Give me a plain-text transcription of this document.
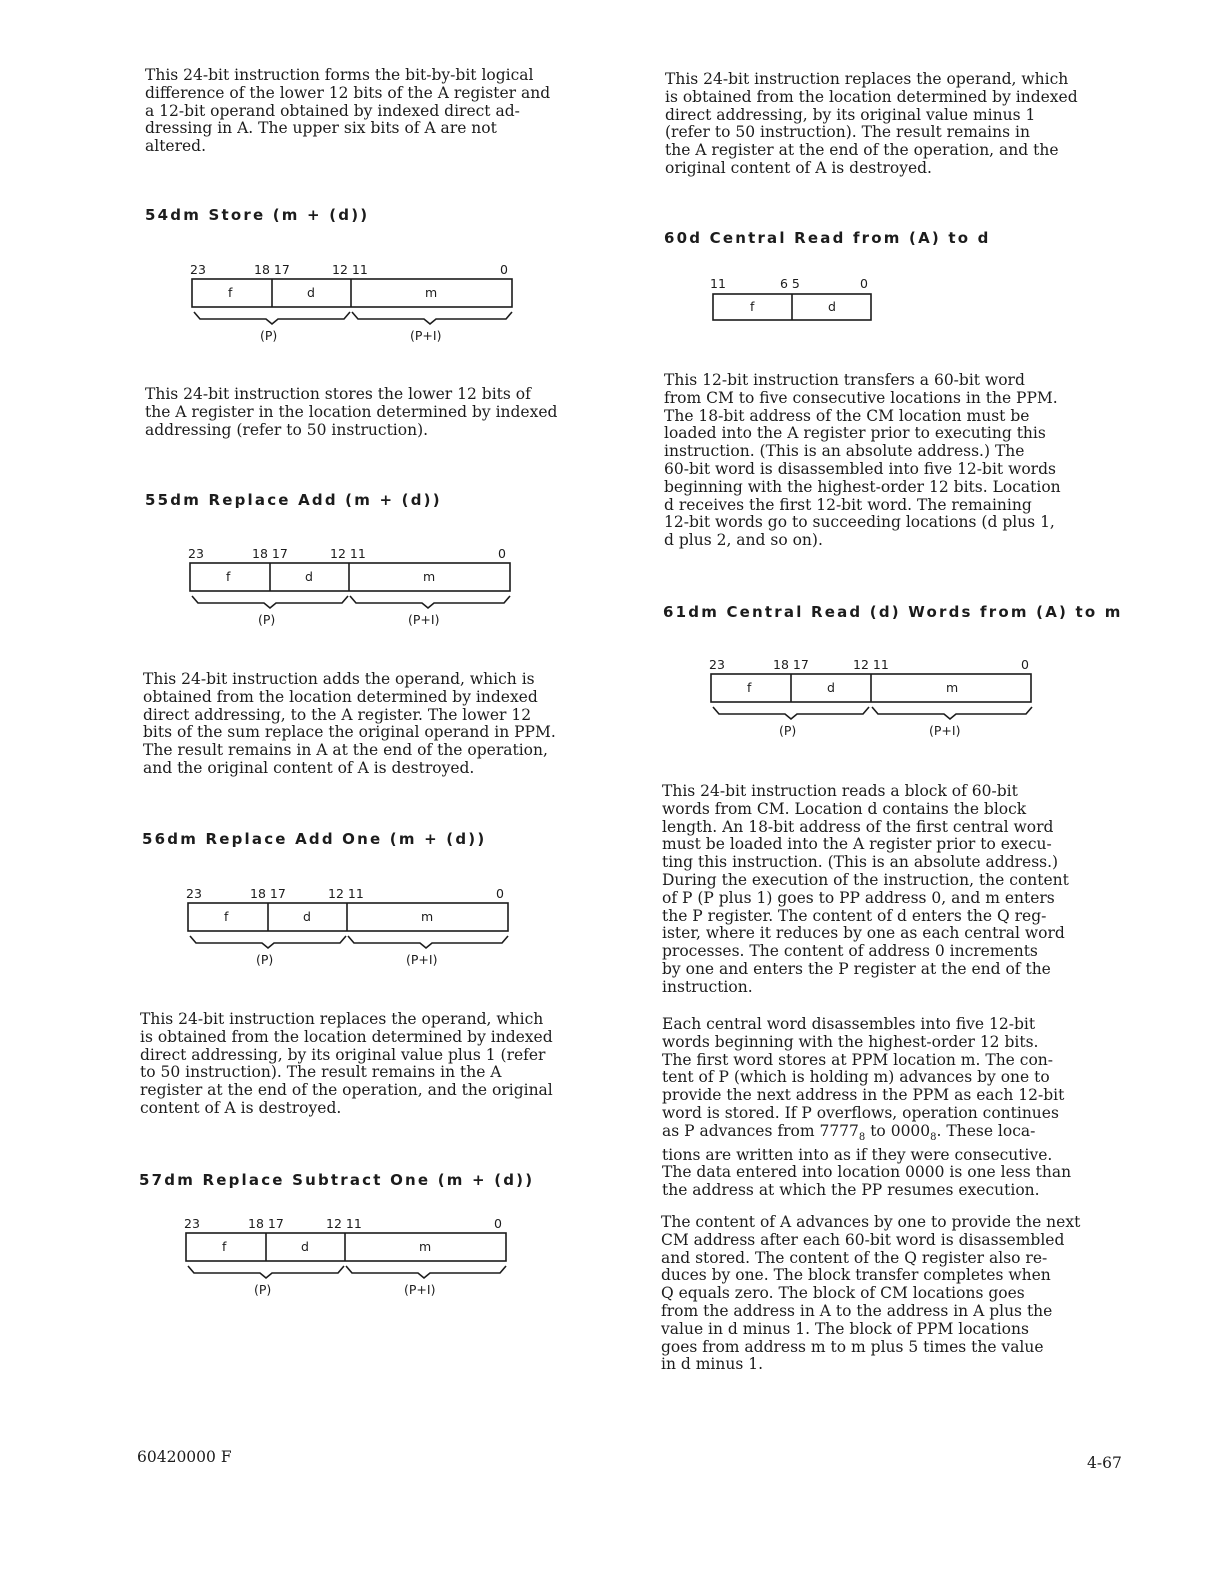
This 24-bit instruction forms the bit-by-bit logical
difference of the lower 12 bits of the A register and
a 12-bit operand obtained by indexed direct ad-
dressing in A. The upper six bits of A are not
altered.

54dm Store (m + (d))
23	18 17	12 11	0
f	d	m
(P)	(P+I)

This 24-bit instruction stores the lower 12 bits of
the A register in the location determined by indexed
addressing (refer to 50 instruction).

55dm Replace Add (m + (d))
23	18 17	12 11	0
f	d	m
(P)	(P+I)

This 24-bit instruction adds the operand, which is
obtained from the location determined by indexed
direct addressing, to the A register. The lower 12
bits of the sum replace the original operand in PPM.
The result remains in A at the end of the operation,
and the original content of A is destroyed.

56dm Replace Add One (m + (d))
23	18 17	12 11	0
f	d	m
(P)	(P+I)

This 24-bit instruction replaces the operand, which
is obtained from the location determined by indexed
direct addressing, by its original value plus 1 (refer
to 50 instruction). The result remains in the A
register at the end of the operation, and the original
content of A is destroyed.

57dm Replace Subtract One (m + (d))
23	18 17	12 11	0
f	d	m
(P)	(P+I)

This 24-bit instruction replaces the operand, which
is obtained from the location determined by indexed
direct addressing, by its original value minus 1
(refer to 50 instruction). The result remains in
the A register at the end of the operation, and the
original content of A is destroyed.

60d Central Read from (A) to d
11	6 5	0
f	d

This 12-bit instruction transfers a 60-bit word
from CM to five consecutive locations in the PPM.
The 18-bit address of the CM location must be
loaded into the A register prior to executing this
instruction. (This is an absolute address.) The
60-bit word is disassembled into five 12-bit words
beginning with the highest-order 12 bits. Location
d receives the first 12-bit word. The remaining
12-bit words go to succeeding locations (d plus 1,
d plus 2, and so on).

61dm Central Read (d) Words from (A) to m
23	18 17	12 11	0
f	d	m
(P)	(P+I)

This 24-bit instruction reads a block of 60-bit
words from CM. Location d contains the block
length. An 18-bit address of the first central word
must be loaded into the A register prior to execu-
ting this instruction. (This is an absolute address.)
During the execution of the instruction, the content
of P (P plus 1) goes to PP address 0, and m enters
the P register. The content of d enters the Q reg-
ister, where it reduces by one as each central word
processes. The content of address 0 increments
by one and enters the P register at the end of the
instruction.

Each central word disassembles into five 12-bit
words beginning with the highest-order 12 bits.
The first word stores at PPM location m. The con-
tent of P (which is holding m) advances by one to
provide the next address in the PPM as each 12-bit
word is stored. If P overflows, operation continues
as P advances from $7777_8$ to $0000_8$. These loca-
tions are written into as if they were consecutive.
The data entered into location 0000 is one less than
the address at which the PP resumes execution.

The content of A advances by one to provide the next
CM address after each 60-bit word is disassembled
and stored. The content of the Q register also re-
duces by one. The block transfer completes when
Q equals zero. The block of CM locations goes
from the address in A to the address in A plus the
value in d minus 1. The block of PPM locations
goes from address m to m plus 5 times the value
in d minus 1.

60420000 F	4-67
